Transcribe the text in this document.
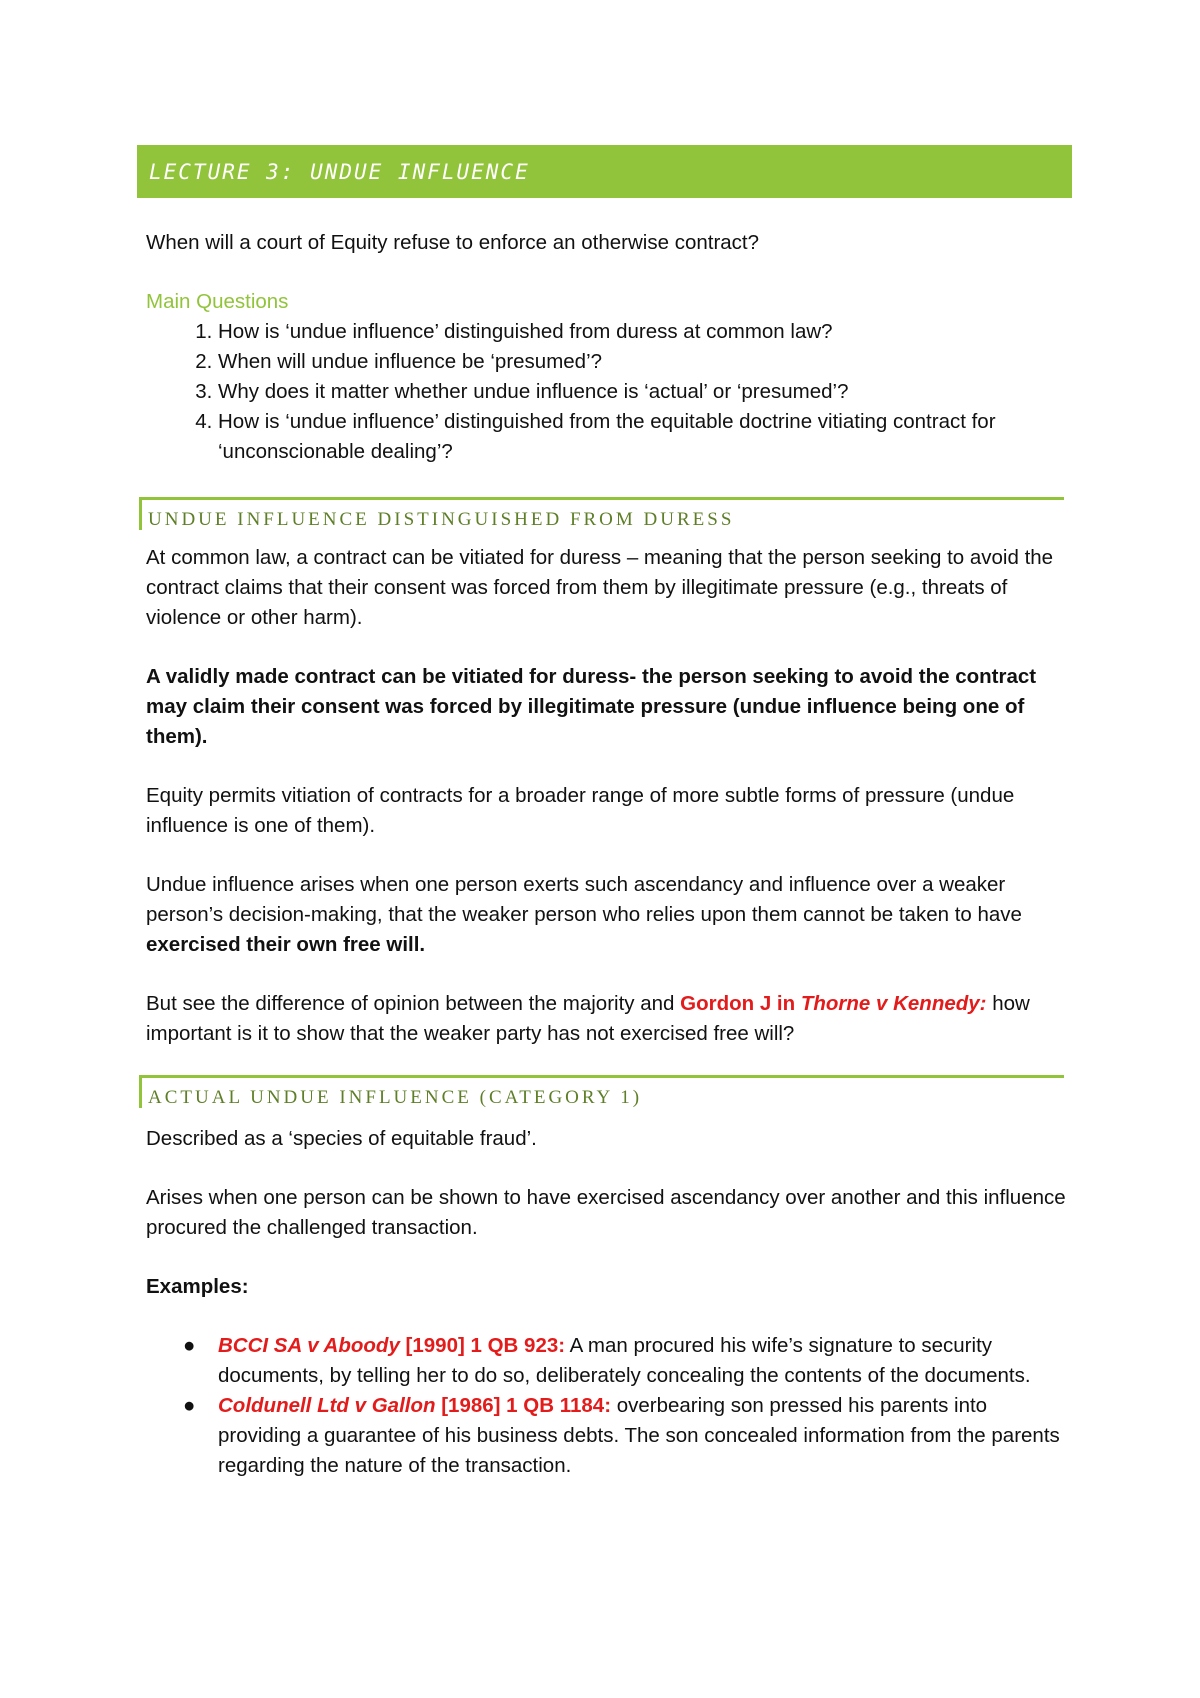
LECTURE 3: UNDUE INFLUENCE

When will a court of Equity refuse to enforce an otherwise contract?

Main Questions

1. How is ‘undue influence’ distinguished from duress at common law?
2. When will undue influence be ‘presumed’?
3. Why does it matter whether undue influence is ‘actual’ or ‘presumed’?
4. How is ‘undue influence’ distinguished from the equitable doctrine vitiating contract for ‘unconscionable dealing’?
UNDUE INFLUENCE DISTINGUISHED FROM DURESS

At common law, a contract can be vitiated for duress – meaning that the person seeking to avoid the contract claims that their consent was forced from them by illegitimate pressure (e.g., threats of violence or other harm).

A validly made contract can be vitiated for duress- the person seeking to avoid the contract may claim their consent was forced by illegitimate pressure (undue influence being one of them).

Equity permits vitiation of contracts for a broader range of more subtle forms of pressure (undue influence is one of them).

Undue influence arises when one person exerts such ascendancy and influence over a weaker person’s decision-making, that the weaker person who relies upon them cannot be taken to have exercised their own free will.

But see the difference of opinion between the majority and Gordon J in Thorne v Kennedy: how important is it to show that the weaker party has not exercised free will?

ACTUAL UNDUE INFLUENCE (CATEGORY 1)

Described as a ‘species of equitable fraud’.

Arises when one person can be shown to have exercised ascendancy over another and this influence procured the challenged transaction.

Examples:

● BCCI SA v Aboody [1990] 1 QB 923: A man procured his wife’s signature to security documents, by telling her to do so, deliberately concealing the contents of the documents.
● Coldunell Ltd v Gallon [1986] 1 QB 1184: overbearing son pressed his parents into providing a guarantee of his business debts. The son concealed information from the parents regarding the nature of the transaction.
